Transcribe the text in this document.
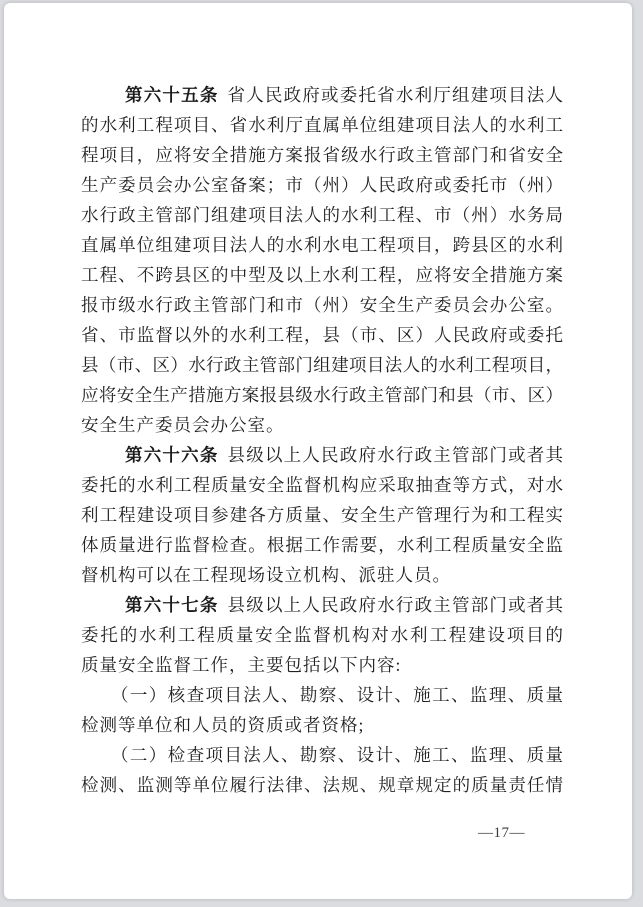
第六十五条 省人民政府或委托省水利厅组建项目法人
的水利工程项目、省水利厅直属单位组建项目法人的水利工
程项目，应将安全措施方案报省级水行政主管部门和省安全
生产委员会办公室备案；市（州）人民政府或委托市（州）
水行政主管部门组建项目法人的水利工程、市（州）水务局
直属单位组建项目法人的水利水电工程项目，跨县区的水利
工程、不跨县区的中型及以上水利工程，应将安全措施方案
报市级水行政主管部门和市（州）安全生产委员会办公室。
省、市监督以外的水利工程，县（市、区）人民政府或委托
县（市、区）水行政主管部门组建项目法人的水利工程项目，
应将安全生产措施方案报县级水行政主管部门和县（市、区）
安全生产委员会办公室。
第六十六条 县级以上人民政府水行政主管部门或者其
委托的水利工程质量安全监督机构应采取抽查等方式，对水
利工程建设项目参建各方质量、安全生产管理行为和工程实
体质量进行监督检查。根据工作需要，水利工程质量安全监
督机构可以在工程现场设立机构、派驻人员。
第六十七条 县级以上人民政府水行政主管部门或者其
委托的水利工程质量安全监督机构对水利工程建设项目的
质量安全监督工作，主要包括以下内容:
（一）核查项目法人、勘察、设计、施工、监理、质量
检测等单位和人员的资质或者资格;
（二）检查项目法人、勘察、设计、施工、监理、质量
检测、监测等单位履行法律、法规、规章规定的质量责任情
—17—
